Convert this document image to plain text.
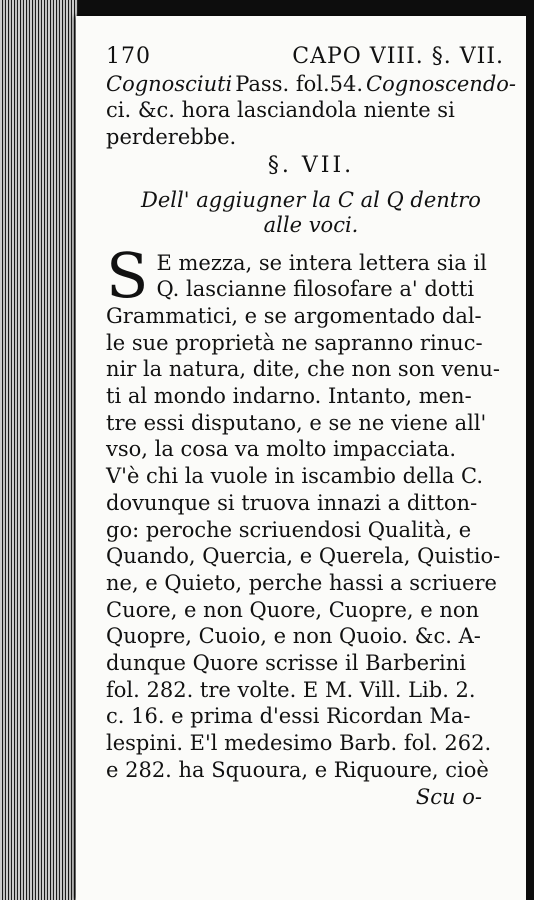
170	CAPO VIII. §. VII.
Cognosciuti Pass. fol.54. Cognoscendo-
ci. &c. hora lasciandola niente si
perderebbe.
§. VII.
Dell' aggiugner la C al Q dentro
alle voci.
S E mezza, se intera lettera sia il
Q. lascianne filosofare a' dotti
Grammatici, e se argomentado dal-
le sue proprietà ne sapranno rinuc-
nir la natura, dite, che non son venu-
ti al mondo indarno. Intanto, men-
tre essi disputano, e se ne viene all'
vso, la cosa va molto impacciata.
V'è chi la vuole in iscambio della C.
dovunque si truova innazi a ditton-
go: peroche scriuendosi Qualità, e
Quando, Quercia, e Querela, Quistio-
ne, e Quieto, perche hassi a scriuere
Cuore, e non Quore, Cuopre, e non
Quopre, Cuoio, e non Quoio. &c. A-
dunque Quore scrisse il Barberini
fol. 282. tre volte. E M. Vill. Lib. 2.
c. 16. e prima d'essi Ricordan Ma-
lespini. E'l medesimo Barb. fol. 262.
e 282. ha Squoura, e Riquoure, cioè
Scu o-
